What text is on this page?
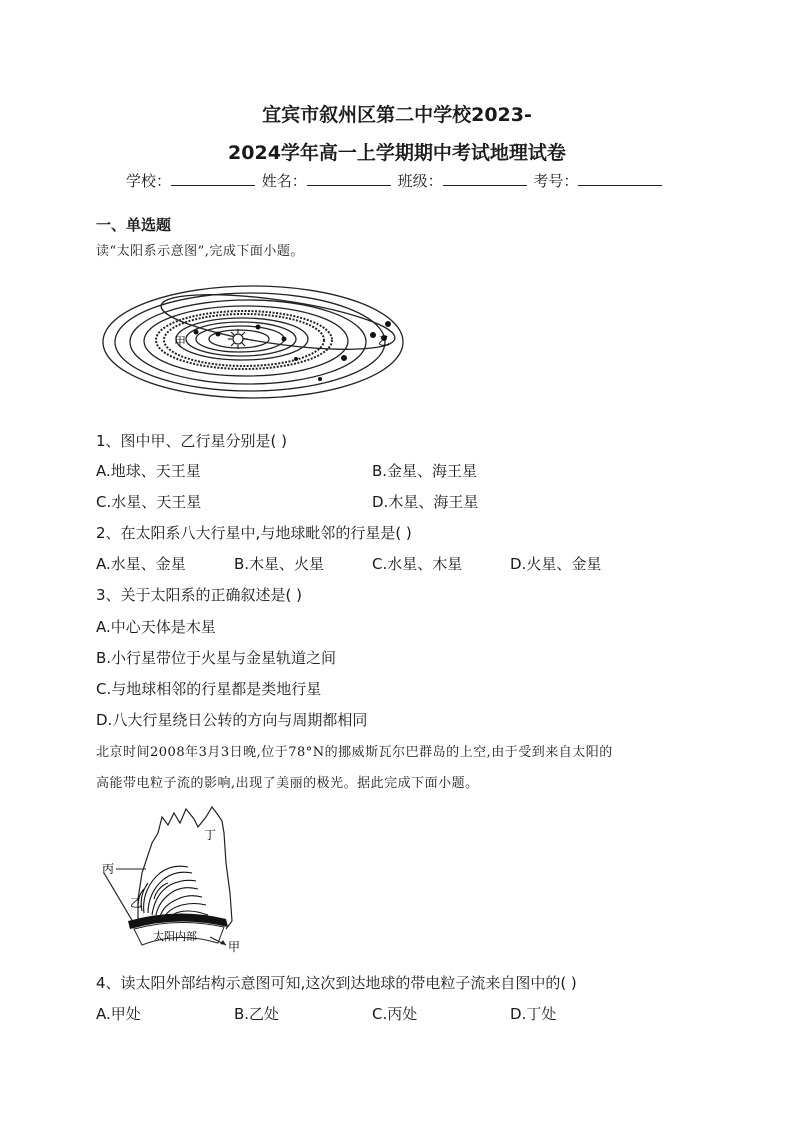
宜宾市叙州区第二中学校2023-
2024学年高一上学期期中考试地理试卷
学校：	姓名：	班级：	考号：
一、单选题
读“太阳系示意图”,完成下面小题。
甲	乙
1、图中甲、乙行星分别是( )
A.地球、天王星	B.金星、海王星
C.水星、天王星	D.木星、海王星
2、在太阳系八大行星中,与地球毗邻的行星是( )
A.水星、金星	B.木星、火星	C.水星、木星	D.火星、金星
3、关于太阳系的正确叙述是( )
A.中心天体是木星
B.小行星带位于火星与金星轨道之间
C.与地球相邻的行星都是类地行星
D.八大行星绕日公转的方向与周期都相同
北京时间2008年3月3日晚,位于78°N的挪威斯瓦尔巴群岛的上空,由于受到来自太阳的
高能带电粒子流的影响,出现了美丽的极光。据此完成下面小题。
丁
丙
乙
甲
太阳内部
4、读太阳外部结构示意图可知,这次到达地球的带电粒子流来自图中的( )
A.甲处	B.乙处	C.丙处	D.丁处
